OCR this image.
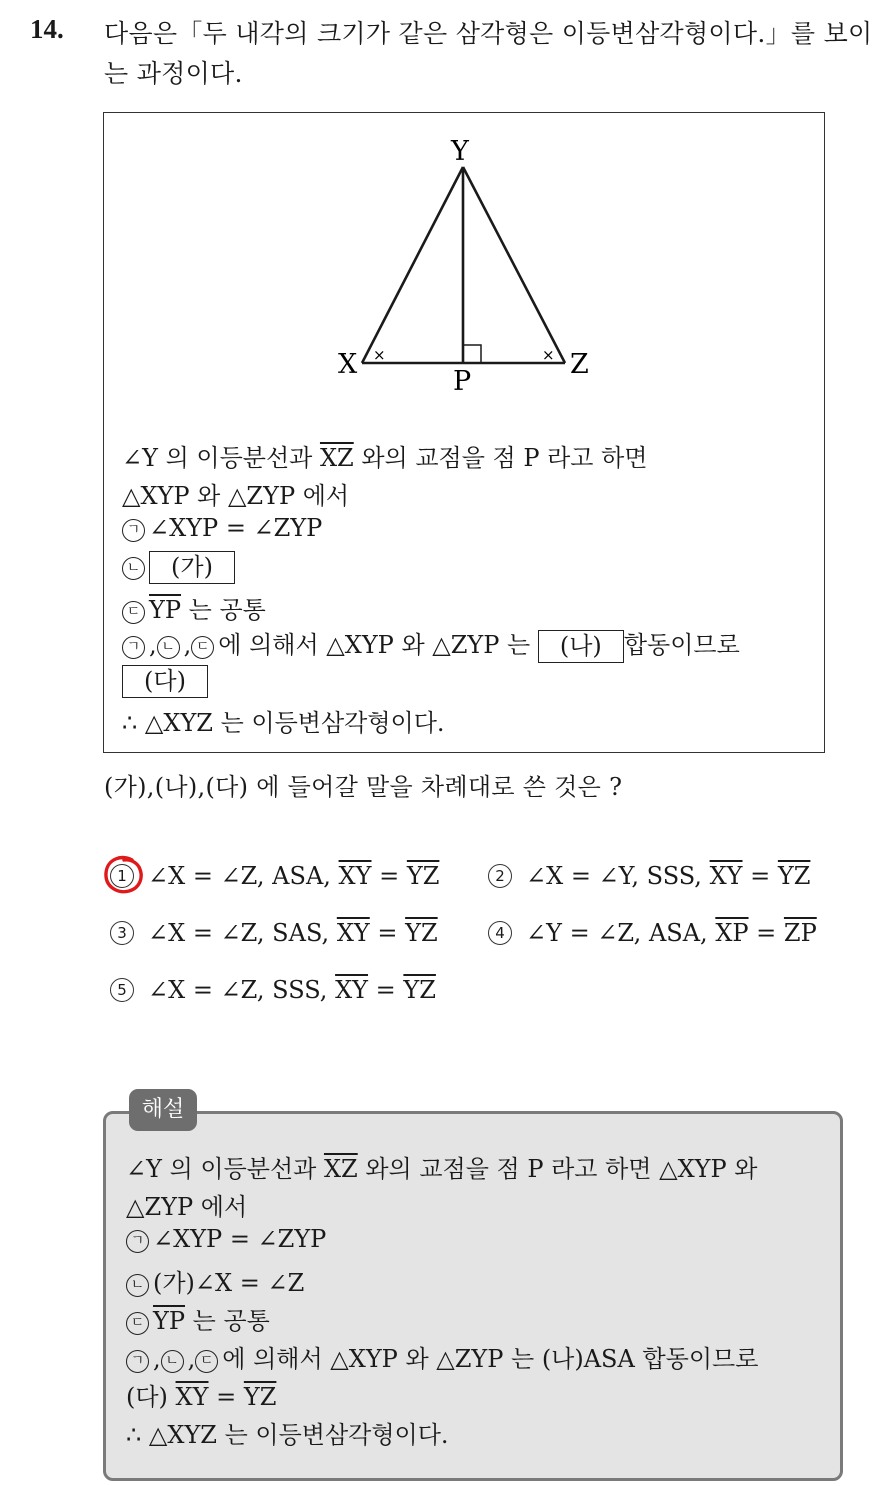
14. 다음은「두 내각의 크기가 같은 삼각형은 이등변삼각형이다.」를 보이
는 과정이다.
Y
X	Z
P
×	×
∠Y 의 이등분선과 $\overline{XZ}$ 와의 교점을 점 P 라고 하면
△XYP 와 △ZYP 에서
ㄱ ∠XYP = ∠ZYP
ㄴ (가)
ㄷ $\overline{YP}$ 는 공통
ㄱ , ㄴ , ㄷ 에 의해서 △XYP 와 △ZYP 는 (나) 합동이므로
(다)
∴ △XYZ 는 이등변삼각형이다.
(가),(나),(다) 에 들어갈 말을 차례대로 쓴 것은 ?
1 ∠X = ∠Z, ASA, $\overline{XY} = \overline{YZ}$	2 ∠X = ∠Y, SSS, $\overline{XY} = \overline{YZ}$
3 ∠X = ∠Z, SAS, $\overline{XY} = \overline{YZ}$	4 ∠Y = ∠Z, ASA, $\overline{XP} = \overline{ZP}$
5 ∠X = ∠Z, SSS, $\overline{XY} = \overline{YZ}$
해설
∠Y 의 이등분선과 $\overline{XZ}$ 와의 교점을 점 P 라고 하면 △XYP 와
△ZYP 에서
ㄱ ∠XYP = ∠ZYP
ㄴ (가)∠X = ∠Z
ㄷ $\overline{YP}$ 는 공통
ㄱ , ㄴ , ㄷ 에 의해서 △XYP 와 △ZYP 는 (나)ASA 합동이므로
(다) $\overline{XY} = \overline{YZ}$
∴ △XYZ 는 이등변삼각형이다.
